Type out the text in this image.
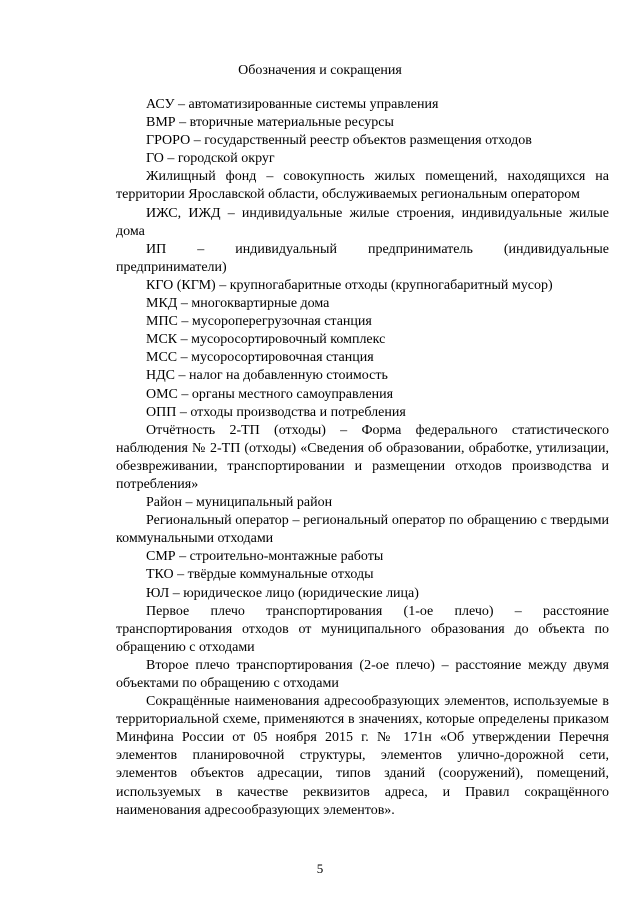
Обозначения и сокращения

АСУ – автоматизированные системы управления

ВМР – вторичные материальные ресурсы

ГРОРО – государственный реестр объектов размещения отходов

ГО – городской округ

Жилищный фонд – совокупность жилых помещений, находящихся на территории Ярославской области, обслуживаемых региональным оператором

ИЖС, ИЖД – индивидуальные жилые строения, индивидуальные жилые дома

ИП – индивидуальный предприниматель (индивидуальные предприниматели)

КГО (КГМ) – крупногабаритные отходы (крупногабаритный мусор)

МКД – многоквартирные дома

МПС – мусороперегрузочная станция

МСК – мусоросортировочный комплекс

МСС – мусоросортировочная станция

НДС – налог на добавленную стоимость

ОМС – органы местного самоуправления

ОПП – отходы производства и потребления

Отчётность 2-ТП (отходы) – Форма федерального статистического наблюдения № 2-ТП (отходы) «Сведения об образовании, обработке, утилизации, обезвреживании, транспортировании и размещении отходов производства и потребления»

Район – муниципальный район

Региональный оператор – региональный оператор по обращению с твердыми коммунальными отходами

СМР – строительно-монтажные работы

ТКО – твёрдые коммунальные отходы

ЮЛ – юридическое лицо (юридические лица)

Первое плечо транспортирования (1-ое плечо) – расстояние транспортирования отходов от муниципального образования до объекта по обращению с отходами

Второе плечо транспортирования (2-ое плечо) – расстояние между двумя объектами по обращению с отходами

Сокращённые наименования адресообразующих элементов, используемые в территориальной схеме, применяются в значениях, которые определены приказом Минфина России от 05 ноября 2015 г. № 171н «Об утверждении Перечня элементов планировочной структуры, элементов улично-дорожной сети, элементов объектов адресации, типов зданий (сооружений), помещений, используемых в качестве реквизитов адреса, и Правил сокращённого наименования адресообразующих элементов».

5
